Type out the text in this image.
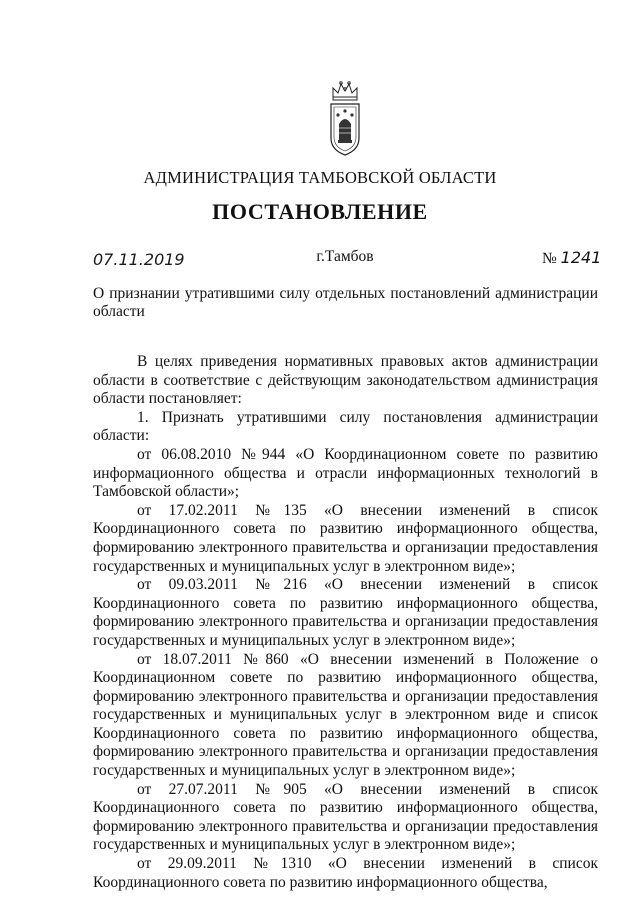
АДМИНИСТРАЦИЯ ТАМБОВСКОЙ ОБЛАСТИ
ПОСТАНОВЛЕНИЕ
07.11.2019	г.Тамбов	№ 1241
О признании утратившими силу отдельных постановлений администрации области

В целях приведения нормативных правовых актов администрации области в соответствие с действующим законодательством администрация области постановляет:

1. Признать утратившими силу постановления администрации области:

от 06.08.2010 №944 «О Координационном совете по развитию информационного общества и отрасли информационных технологий в Тамбовской области»;

от 17.02.2011 №135 «О внесении изменений в список Координационного совета по развитию информационного общества, формированию электронного правительства и организации предоставления государственных и муниципальных услуг в электронном виде»;

от 09.03.2011 №216 «О внесении изменений в список Координационного совета по развитию информационного общества, формированию электронного правительства и организации предоставления государственных и муниципальных услуг в электронном виде»;

от 18.07.2011 №860 «О внесении изменений в Положение о Координационном совете по развитию информационного общества, формированию электронного правительства и организации предоставления государственных и муниципальных услуг в электронном виде и список Координационного совета по развитию информационного общества, формированию электронного правительства и организации предоставления государственных и муниципальных услуг в электронном виде»;

от 27.07.2011 №905 «О внесении изменений в список Координационного совета по развитию информационного общества, формированию электронного правительства и организации предоставления государственных и муниципальных услуг в электронном виде»;

от 29.09.2011 №1310 «О внесении изменений в список Координационного совета по развитию информационного общества,
